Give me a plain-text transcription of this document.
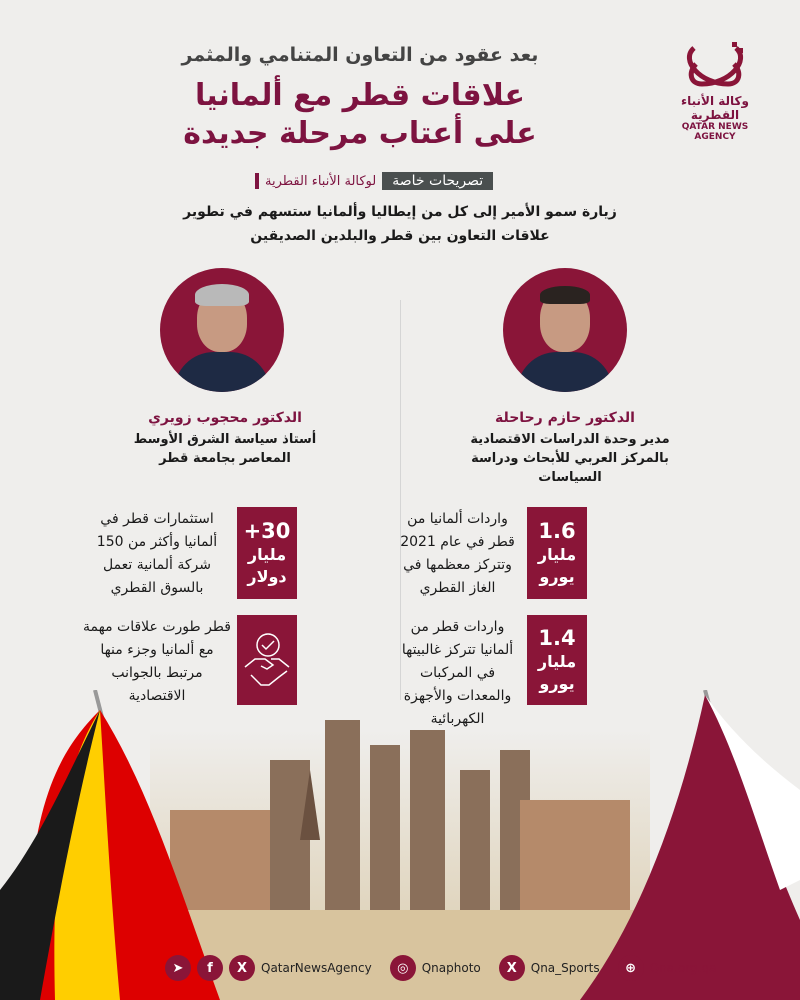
بعد عقود من التعاون المتنامي والمثمر
علاقات قطر مع ألمانيا
على أعتاب مرحلة جديدة
وكالة الأنباء القطرية
QATAR NEWS AGENCY
تصريحات خاصة
لوكالة الأنباء القطرية
زيارة سمو الأمير إلى كل من إيطاليا وألمانيا ستسهم في تطوير
علاقات التعاون بين قطر والبلدين الصديقين
الدكتور حازم رحاحلة
مدير وحدة الدراسات الاقتصادية
بالمركز العربي للأبحاث ودراسة
السياسات
الدكتور محجوب زويري
أستاذ سياسة الشرق الأوسط
المعاصر بجامعة قطر
+30
مليار
دولار
استثمارات قطر في ألمانيا وأكثر من 150 شركة ألمانية تعمل بالسوق القطري
قطر طورت علاقات مهمة مع ألمانيا وجزء منها مرتبط بالجوانب الاقتصادية
1.6
مليار
يورو
واردات ألمانيا من قطر في عام 2021 وتتركز معظمها في الغاز القطري
1.4
مليار
يورو
واردات قطر من ألمانيا تتركز غالبيتها في المركبات والمعدات والأجهزة الكهربائية
➤	f	X	QatarNewsAgency	◎	Qnaphoto	X	Qna_Sports	⊕	Qna.org.qa
